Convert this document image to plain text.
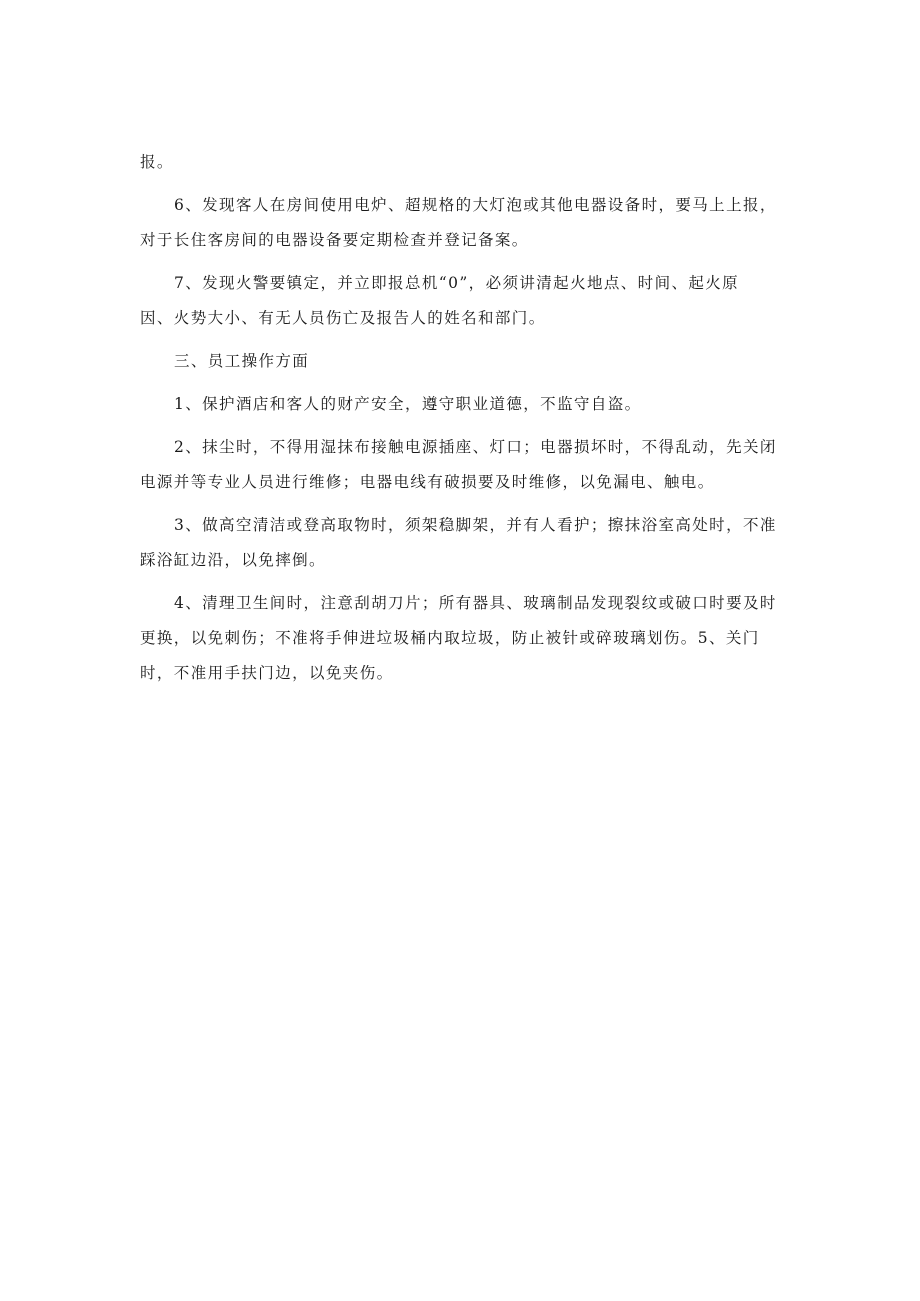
报。
6、发现客人在房间使用电炉、超规格的大灯泡或其他电器设备时，要马上上报，
对于长住客房间的电器设备要定期检查并登记备案。
7、发现火警要镇定，并立即报总机“0”，必须讲清起火地点、时间、起火原
因、火势大小、有无人员伤亡及报告人的姓名和部门。
三、员工操作方面
1、保护酒店和客人的财产安全，遵守职业道德，不监守自盗。
2、抹尘时，不得用湿抹布接触电源插座、灯口；电器损坏时，不得乱动，先关闭
电源并等专业人员进行维修；电器电线有破损要及时维修，以免漏电、触电。
3、做高空清洁或登高取物时，须架稳脚架，并有人看护；擦抹浴室高处时，不准
踩浴缸边沿，以免摔倒。
4、清理卫生间时，注意刮胡刀片；所有器具、玻璃制品发现裂纹或破口时要及时
更换，以免刺伤；不准将手伸进垃圾桶内取垃圾，防止被针或碎玻璃划伤。5、关门
时，不准用手扶门边，以免夹伤。
